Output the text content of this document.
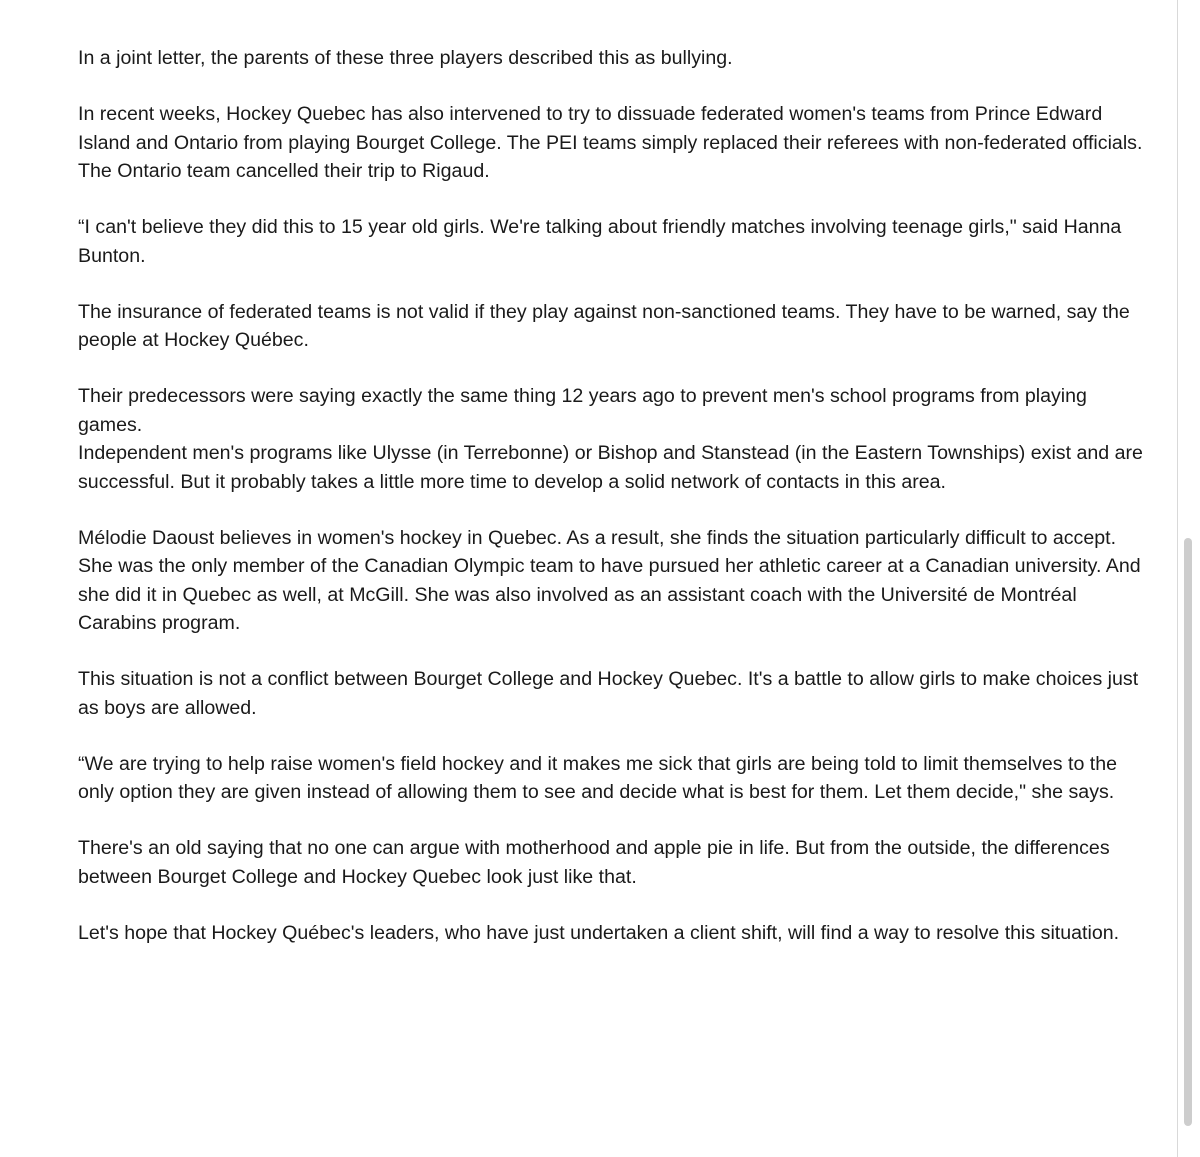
In a joint letter, the parents of these three players described this as bullying.

In recent weeks, Hockey Quebec has also intervened to try to dissuade federated women's teams from Prince Edward Island and Ontario from playing Bourget College. The PEI teams simply replaced their referees with non-federated officials. The Ontario team cancelled their trip to Rigaud.

“I can't believe they did this to 15 year old girls. We're talking about friendly matches involving teenage girls," said Hanna Bunton.

The insurance of federated teams is not valid if they play against non-sanctioned teams. They have to be warned, say the people at Hockey Québec.

Their predecessors were saying exactly the same thing 12 years ago to prevent men's school programs from playing games.

Independent men's programs like Ulysse (in Terrebonne) or Bishop and Stanstead (in the Eastern Townships) exist and are successful. But it probably takes a little more time to develop a solid network of contacts in this area.

Mélodie Daoust believes in women's hockey in Quebec. As a result, she finds the situation particularly difficult to accept. She was the only member of the Canadian Olympic team to have pursued her athletic career at a Canadian university. And she did it in Quebec as well, at McGill. She was also involved as an assistant coach with the Université de Montréal Carabins program.

This situation is not a conflict between Bourget College and Hockey Quebec. It's a battle to allow girls to make choices just as boys are allowed.

“We are trying to help raise women's field hockey and it makes me sick that girls are being told to limit themselves to the only option they are given instead of allowing them to see and decide what is best for them. Let them decide," she says.

There's an old saying that no one can argue with motherhood and apple pie in life. But from the outside, the differences between Bourget College and Hockey Quebec look just like that.

Let's hope that Hockey Québec's leaders, who have just undertaken a client shift, will find a way to resolve this situation.
